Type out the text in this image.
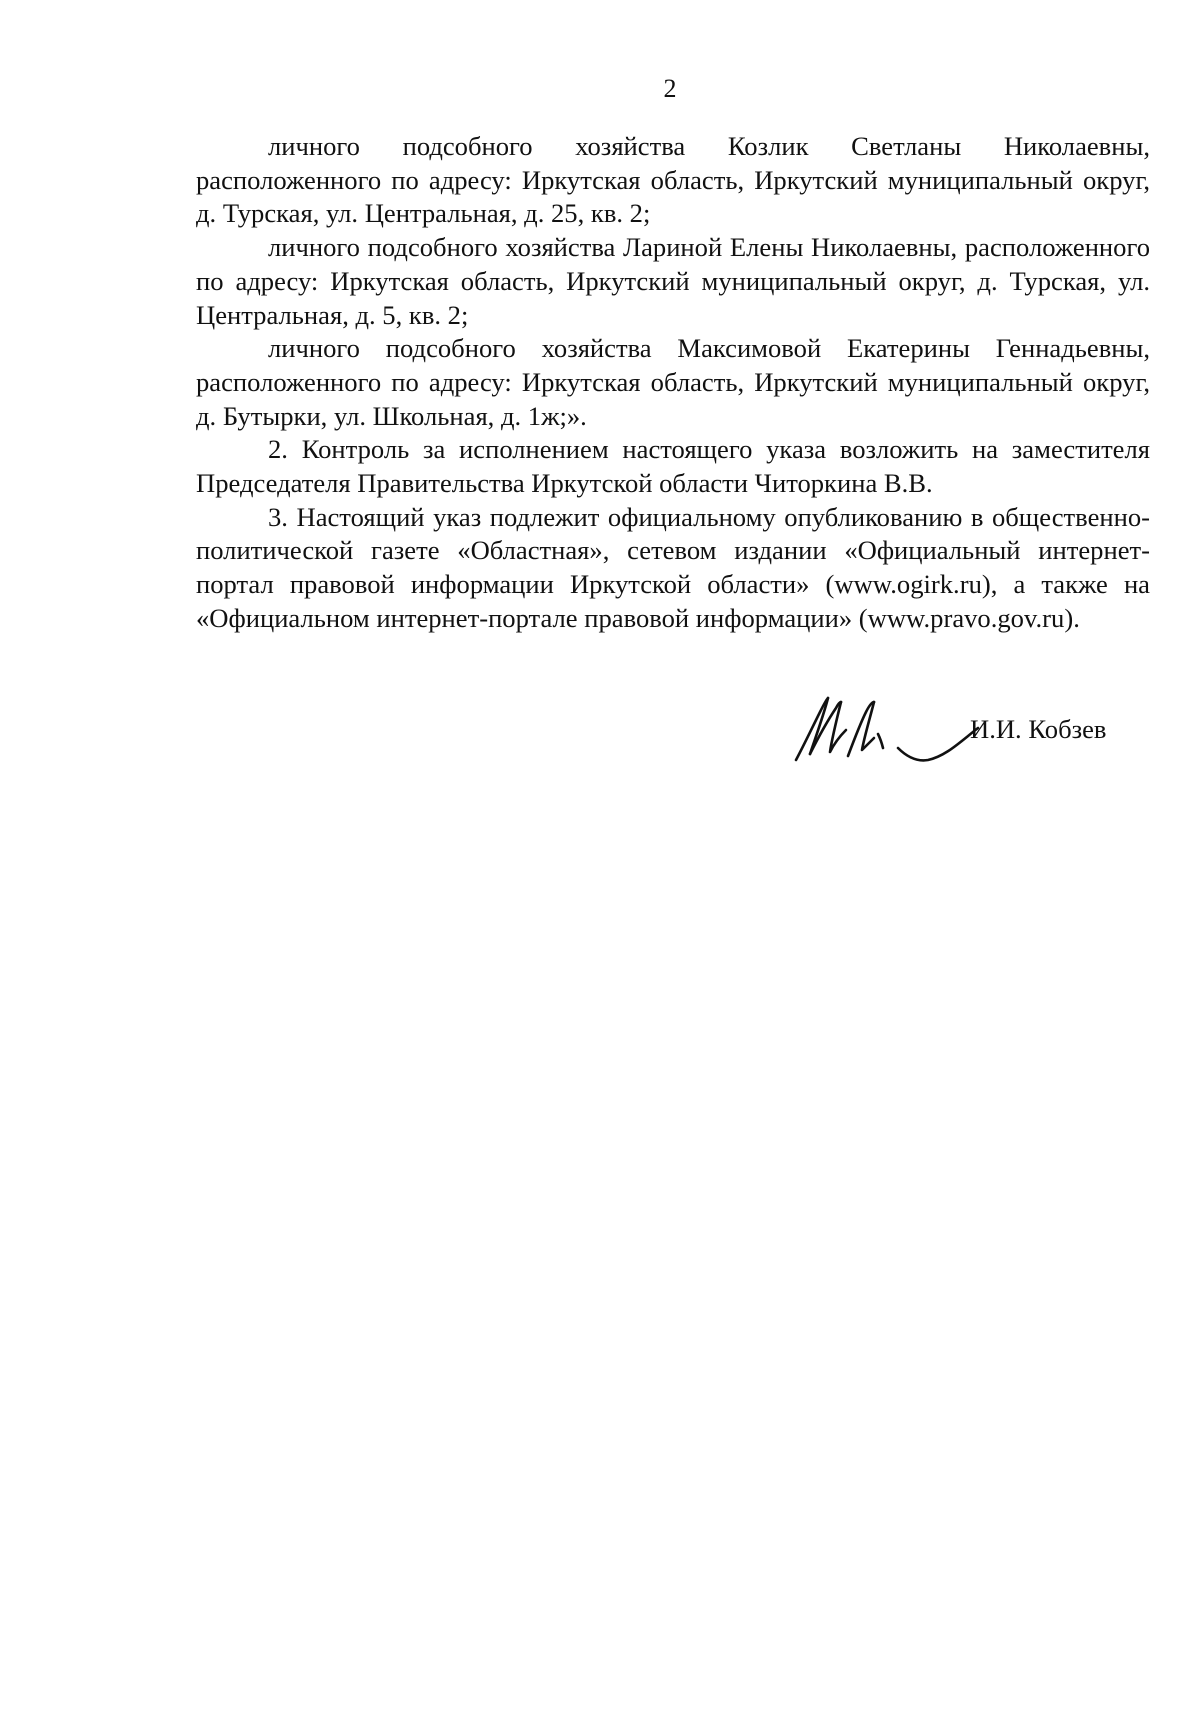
2

личного подсобного хозяйства Козлик Светланы Николаевны, расположенного по адресу: Иркутская область, Иркутский муниципальный округ, д. Турская, ул. Центральная, д. 25, кв. 2;

личного подсобного хозяйства Лариной Елены Николаевны, расположенного по адресу: Иркутская область, Иркутский муниципальный округ, д. Турская, ул. Центральная, д. 5, кв. 2;

личного подсобного хозяйства Максимовой Екатерины Геннадьевны, расположенного по адресу: Иркутская область, Иркутский муниципальный округ, д. Бутырки, ул. Школьная, д. 1ж;».

2. Контроль за исполнением настоящего указа возложить на заместителя Председателя Правительства Иркутской области Читоркина В.В.

3. Настоящий указ подлежит официальному опубликованию в общественно-политической газете «Областная», сетевом издании «Официальный интернет-портал правовой информации Иркутской области» (www.ogirk.ru), а также на «Официальном интернет-портале правовой информации» (www.pravo.gov.ru).

И.И. Кобзев
